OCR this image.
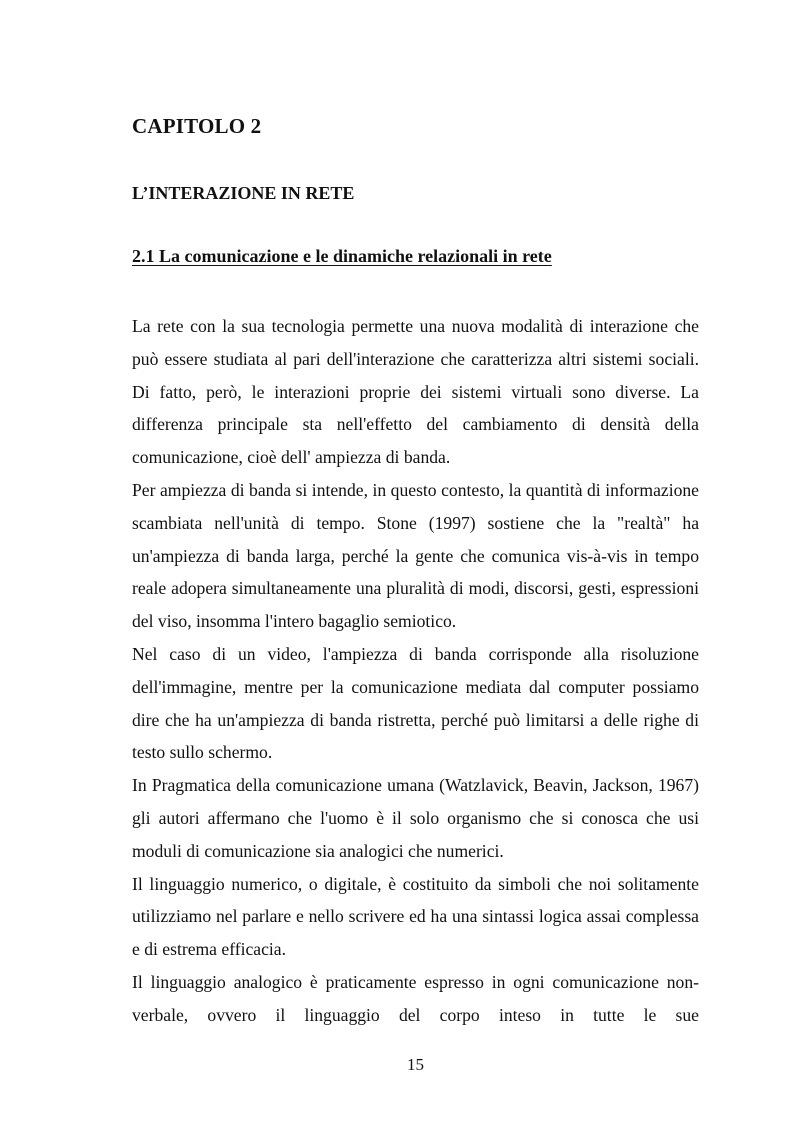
CAPITOLO 2
L’INTERAZIONE IN RETE
2.1 La comunicazione e le dinamiche relazionali in rete

La rete con la sua tecnologia permette una nuova modalità di interazione che può essere studiata al pari dell'interazione che caratterizza altri sistemi sociali. Di fatto, però, le interazioni proprie dei sistemi virtuali sono diverse. La differenza principale sta nell'effetto del cambiamento di densità della comunicazione, cioè dell' ampiezza di banda.

Per ampiezza di banda si intende, in questo contesto, la quantità di informazione scambiata nell'unità di tempo. Stone (1997) sostiene che la "realtà" ha un'ampiezza di banda larga, perché la gente che comunica vis-à-vis in tempo reale adopera simultaneamente una pluralità di modi, discorsi, gesti, espressioni del viso, insomma l'intero bagaglio semiotico.

Nel caso di un video, l'ampiezza di banda corrisponde alla risoluzione dell'immagine, mentre per la comunicazione mediata dal computer possiamo dire che ha un'ampiezza di banda ristretta, perché può limitarsi a delle righe di testo sullo schermo.

In Pragmatica della comunicazione umana (Watzlavick, Beavin, Jackson, 1967) gli autori affermano che l'uomo è il solo organismo che si conosca che usi moduli di comunicazione sia analogici che numerici.

Il linguaggio numerico, o digitale, è costituito da simboli che noi solitamente utilizziamo nel parlare e nello scrivere ed ha una sintassi logica assai complessa e di estrema efficacia.

Il linguaggio analogico è praticamente espresso in ogni comunicazione non-verbale, ovvero il linguaggio del corpo inteso in tutte le sue

15
